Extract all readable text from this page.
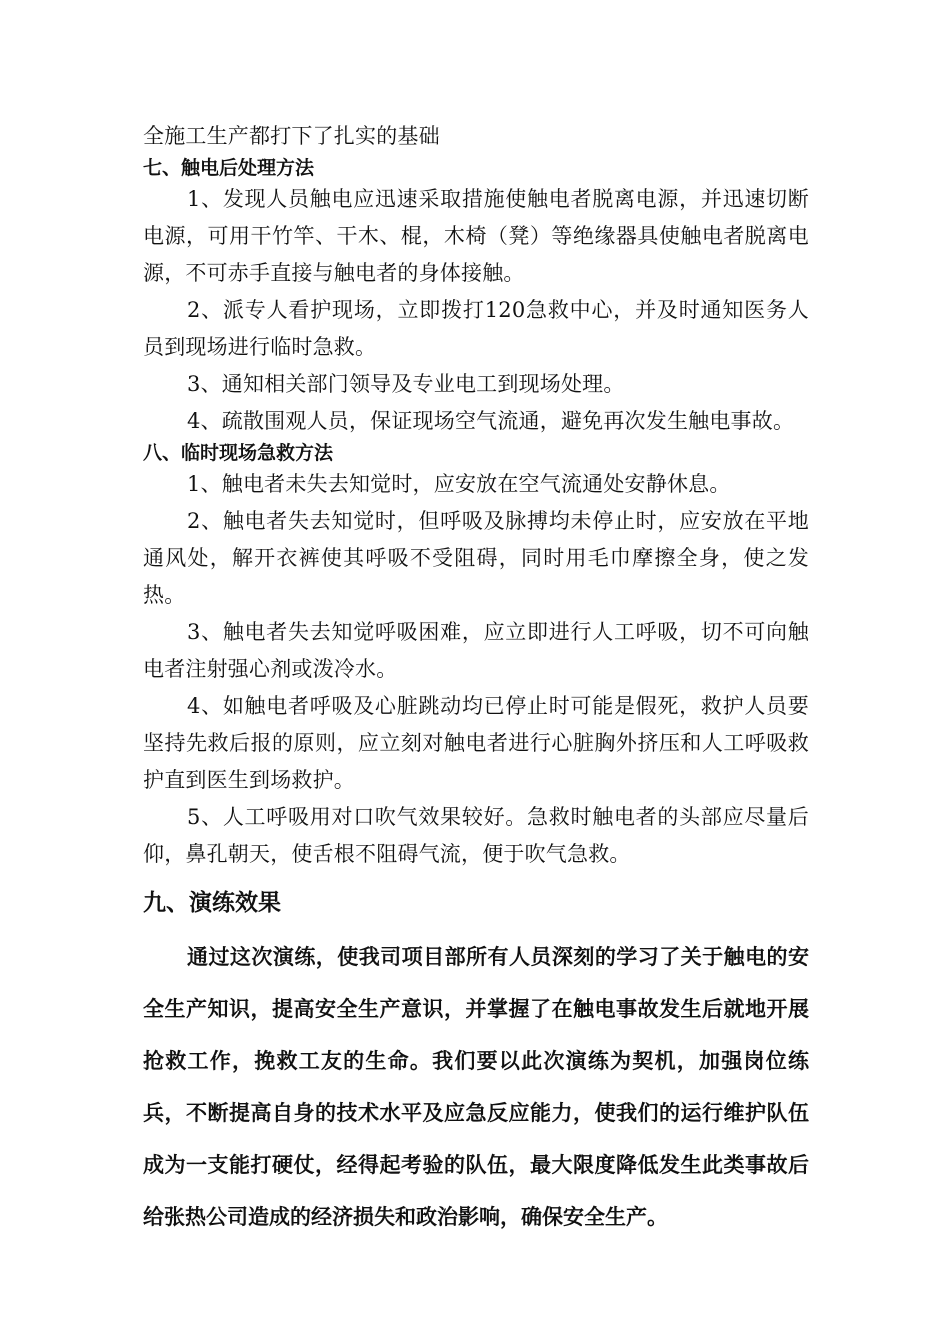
全施工生产都打下了扎实的基础

七、触电后处理方法

1、发现人员触电应迅速采取措施使触电者脱离电源，并迅速切断电源，可用干竹竿、干木、棍，木椅（凳）等绝缘器具使触电者脱离电源，不可赤手直接与触电者的身体接触。

2、派专人看护现场，立即拨打120急救中心，并及时通知医务人员到现场进行临时急救。

3、通知相关部门领导及专业电工到现场处理。

4、疏散围观人员，保证现场空气流通，避免再次发生触电事故。

八、临时现场急救方法

1、触电者未失去知觉时，应安放在空气流通处安静休息。

2、触电者失去知觉时，但呼吸及脉搏均未停止时，应安放在平地通风处，解开衣裤使其呼吸不受阻碍，同时用毛巾摩擦全身，使之发热。

3、触电者失去知觉呼吸困难，应立即进行人工呼吸，切不可向触电者注射强心剂或泼冷水。

4、如触电者呼吸及心脏跳动均已停止时可能是假死，救护人员要坚持先救后报的原则，应立刻对触电者进行心脏胸外挤压和人工呼吸救护直到医生到场救护。

5、人工呼吸用对口吹气效果较好。急救时触电者的头部应尽量后仰，鼻孔朝天，使舌根不阻碍气流，便于吹气急救。

九、演练效果

通过这次演练，使我司项目部所有人员深刻的学习了关于触电的安全生产知识，提高安全生产意识，并掌握了在触电事故发生后就地开展抢救工作，挽救工友的生命。我们要以此次演练为契机，加强岗位练兵，不断提高自身的技术水平及应急反应能力，使我们的运行维护队伍成为一支能打硬仗，经得起考验的队伍，最大限度降低发生此类事故后给张热公司造成的经济损失和政治影响，确保安全生产。
